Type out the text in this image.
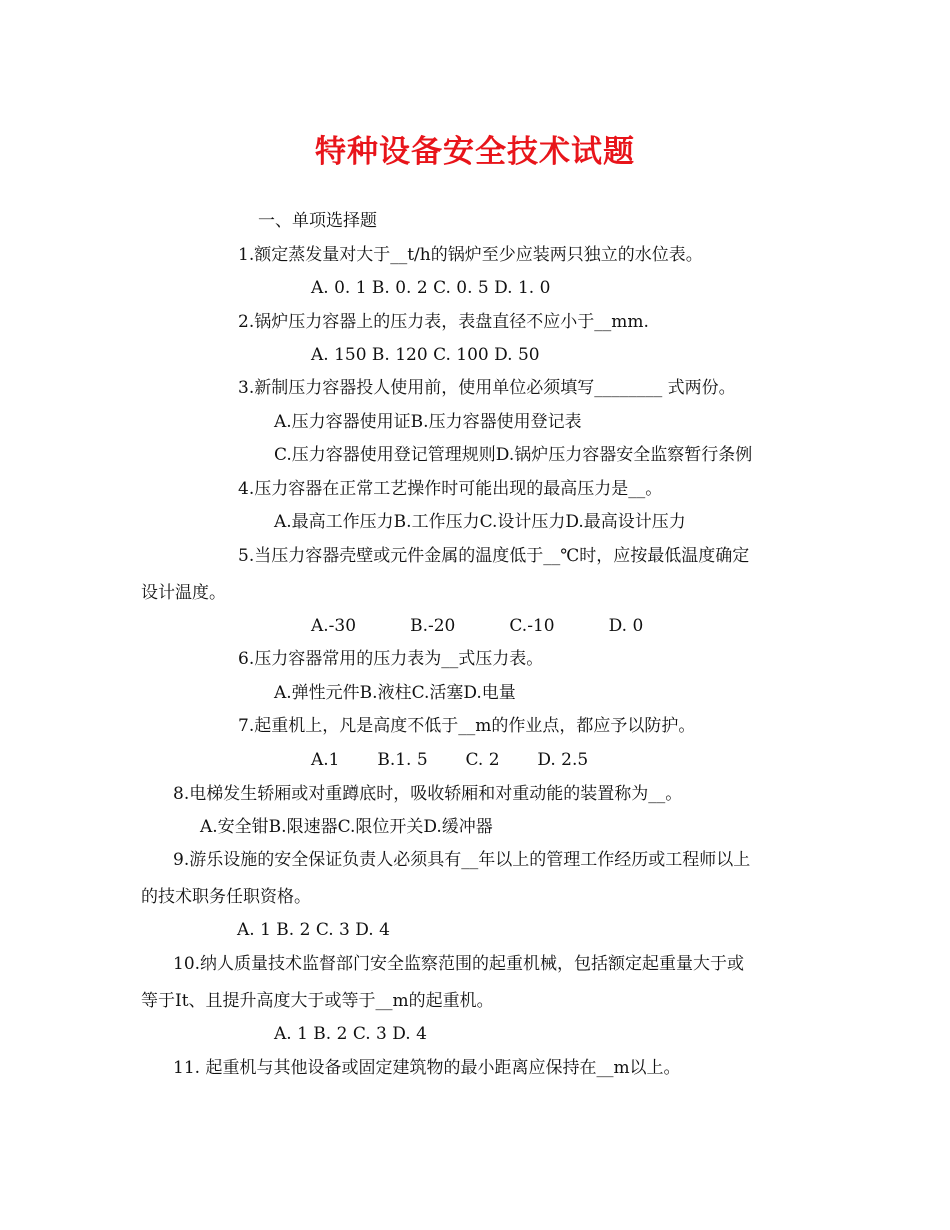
特种设备安全技术试题
一、单项选择题
1.额定蒸发量对大于__t/h的锅炉至少应装两只独立的水位表。
A. 0. 1 B. 0. 2 C. 0. 5 D. 1. 0
2.锅炉压力容器上的压力表，表盘直径不应小于__mm.
A. 150 B. 120 C. 100 D. 50
3.新制压力容器投人使用前，使用单位必须填写________ 式两份。
A.压力容器使用证B.压力容器使用登记表
C.压力容器使用登记管理规则D.锅炉压力容器安全监察暂行条例
4.压力容器在正常工艺操作时可能出现的最高压力是__。
A.最高工作压力B.工作压力C.设计压力D.最高设计压力
5.当压力容器壳壁或元件金属的温度低于__℃时，应按最低温度确定
设计温度。
A.-30          B.-20          C.-10          D. 0
6.压力容器常用的压力表为__式压力表。
A.弹性元件B.液柱C.活塞D.电量
7.起重机上，凡是高度不低于__m的作业点，都应予以防护。
A.1       B.1. 5       C. 2       D. 2.5
8.电梯发生轿厢或对重蹲底时，吸收轿厢和对重动能的装置称为__。
A.安全钳B.限速器C.限位开关D.缓冲器
9.游乐设施的安全保证负责人必须具有__年以上的管理工作经历或工程师以上
的技术职务任职资格。
A. 1 B. 2 C. 3 D. 4
10.纳人质量技术监督部门安全监察范围的起重机械，包括额定起重量大于或
等于It、且提升高度大于或等于__m的起重机。
A. 1 B. 2 C. 3 D. 4
11. 起重机与其他设备或固定建筑物的最小距离应保持在__m以上。
